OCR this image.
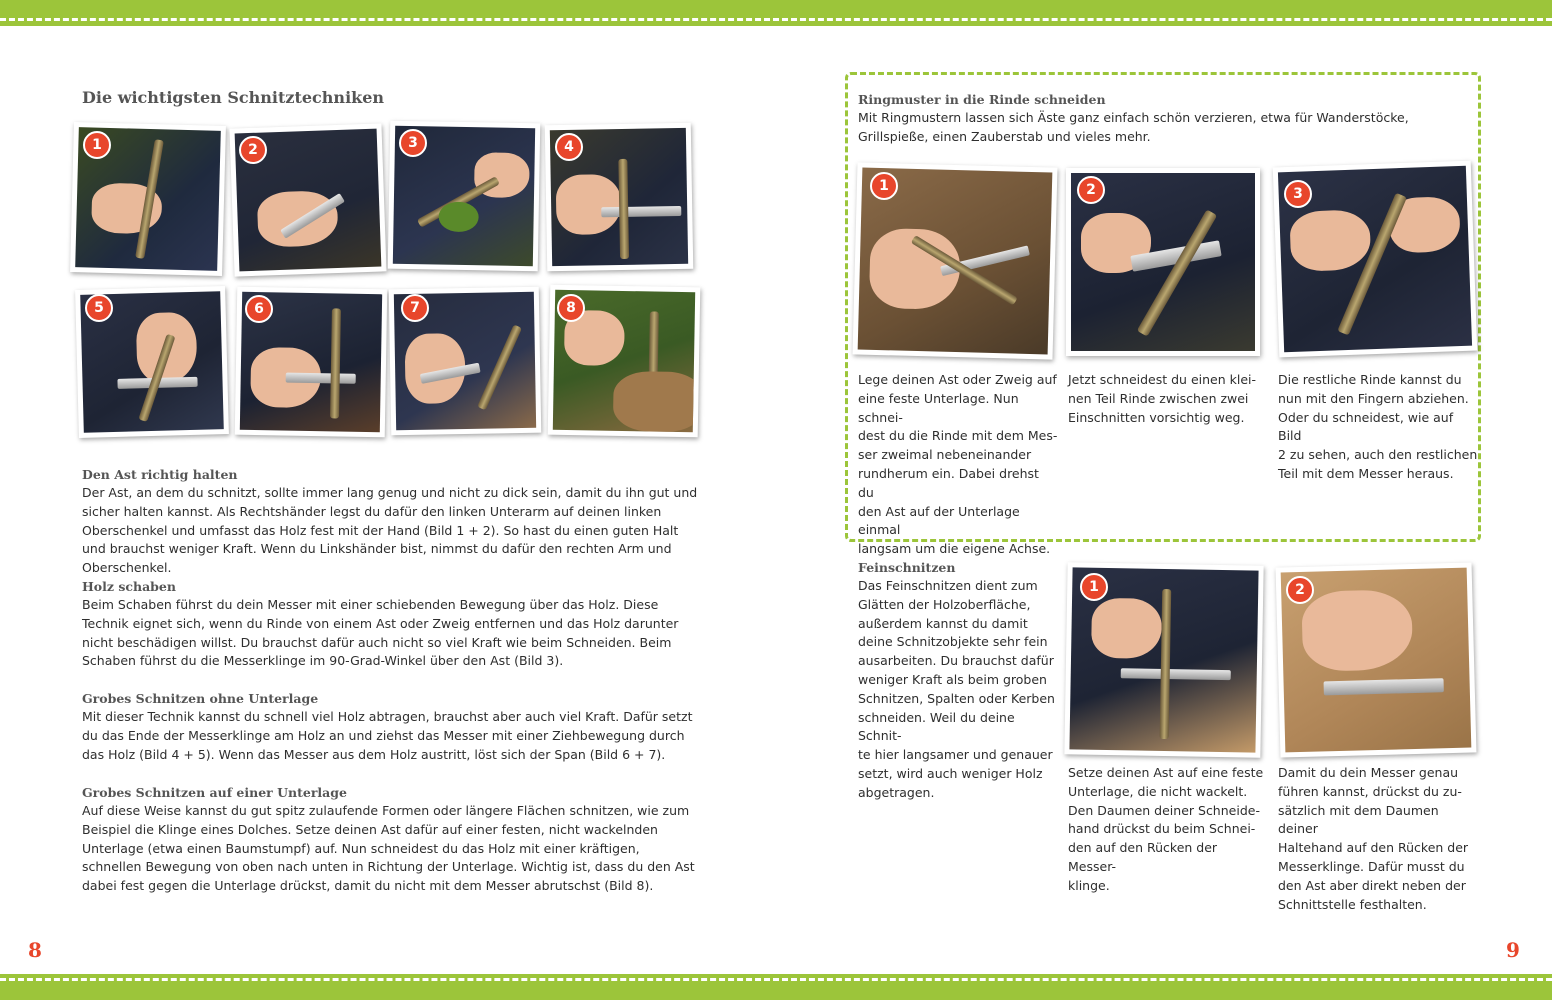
Die wichtigsten Schnitztechniken
1	2	3	4
5	6	7	8

Den Ast richtig halten

Der Ast, an dem du schnitzt, sollte immer lang genug und nicht zu dick sein, damit du ihn gut und sicher halten kannst. Als Rechtshänder legst du dafür den linken Unterarm auf deinen linken Oberschenkel und umfasst das Holz fest mit der Hand (Bild 1 + 2). So hast du einen guten Halt und brauchst weniger Kraft. Wenn du Linkshänder bist, nimmst du dafür den rechten Arm und Oberschenkel.

Holz schaben

Beim Schaben führst du dein Messer mit einer schiebenden Bewegung über das Holz. Diese Technik eignet sich, wenn du Rinde von einem Ast oder Zweig entfernen und das Holz darunter nicht beschädigen willst. Du brauchst dafür auch nicht so viel Kraft wie beim Schneiden. Beim Schaben führst du die Messerklinge im 90-Grad-Winkel über den Ast (Bild 3).

Grobes Schnitzen ohne Unterlage

Mit dieser Technik kannst du schnell viel Holz abtragen, brauchst aber auch viel Kraft. Dafür setzt du das Ende der Messerklinge am Holz an und ziehst das Messer mit einer Ziehbewegung durch das Holz (Bild 4 + 5). Wenn das Messer aus dem Holz austritt, löst sich der Span (Bild 6 + 7).

Grobes Schnitzen auf einer Unterlage

Auf diese Weise kannst du gut spitz zulaufende Formen oder längere Flächen schnitzen, wie zum Beispiel die Klinge eines Dolches. Setze deinen Ast dafür auf einer festen, nicht wackelnden Unterlage (etwa einen Baumstumpf) auf. Nun schneidest du das Holz mit einer kräftigen, schnellen Bewegung von oben nach unten in Richtung der Unterlage. Wichtig ist, dass du den Ast dabei fest gegen die Unterlage drückst, damit du nicht mit dem Messer abrutschst (Bild 8).

8

Ringmuster in die Rinde schneiden

Mit Ringmustern lassen sich Äste ganz einfach schön verzieren, etwa für Wanderstöcke, Grillspieße, einen Zauberstab und vieles mehr.

1	2	3

Lege deinen Ast oder Zweig auf
eine feste Unterlage. Nun schnei-
dest du die Rinde mit dem Mes-
ser zweimal nebeneinander
rundherum ein. Dabei drehst du
den Ast auf der Unterlage einmal
langsam um die eigene Achse.

Jetzt schneidest du einen klei-
nen Teil Rinde zwischen zwei
Einschnitten vorsichtig weg.

Die restliche Rinde kannst du
nun mit den Fingern abziehen.
Oder du schneidest, wie auf Bild
2 zu sehen, auch den restlichen
Teil mit dem Messer heraus.

Feinschnitzen

Das Feinschnitzen dient zum
Glätten der Holzoberfläche,
außerdem kannst du damit
deine Schnitzobjekte sehr fein
ausarbeiten. Du brauchst dafür
weniger Kraft als beim groben
Schnitzen, Spalten oder Kerben
schneiden. Weil du deine Schnit-
te hier langsamer und genauer
setzt, wird auch weniger Holz
abgetragen.

1	2

Setze deinen Ast auf eine feste
Unterlage, die nicht wackelt.
Den Daumen deiner Schneide-
hand drückst du beim Schnei-
den auf den Rücken der Messer-
klinge.

Damit du dein Messer genau
führen kannst, drückst du zu-
sätzlich mit dem Daumen deiner
Haltehand auf den Rücken der
Messerklinge. Dafür musst du
den Ast aber direkt neben der
Schnittstelle festhalten.

9
